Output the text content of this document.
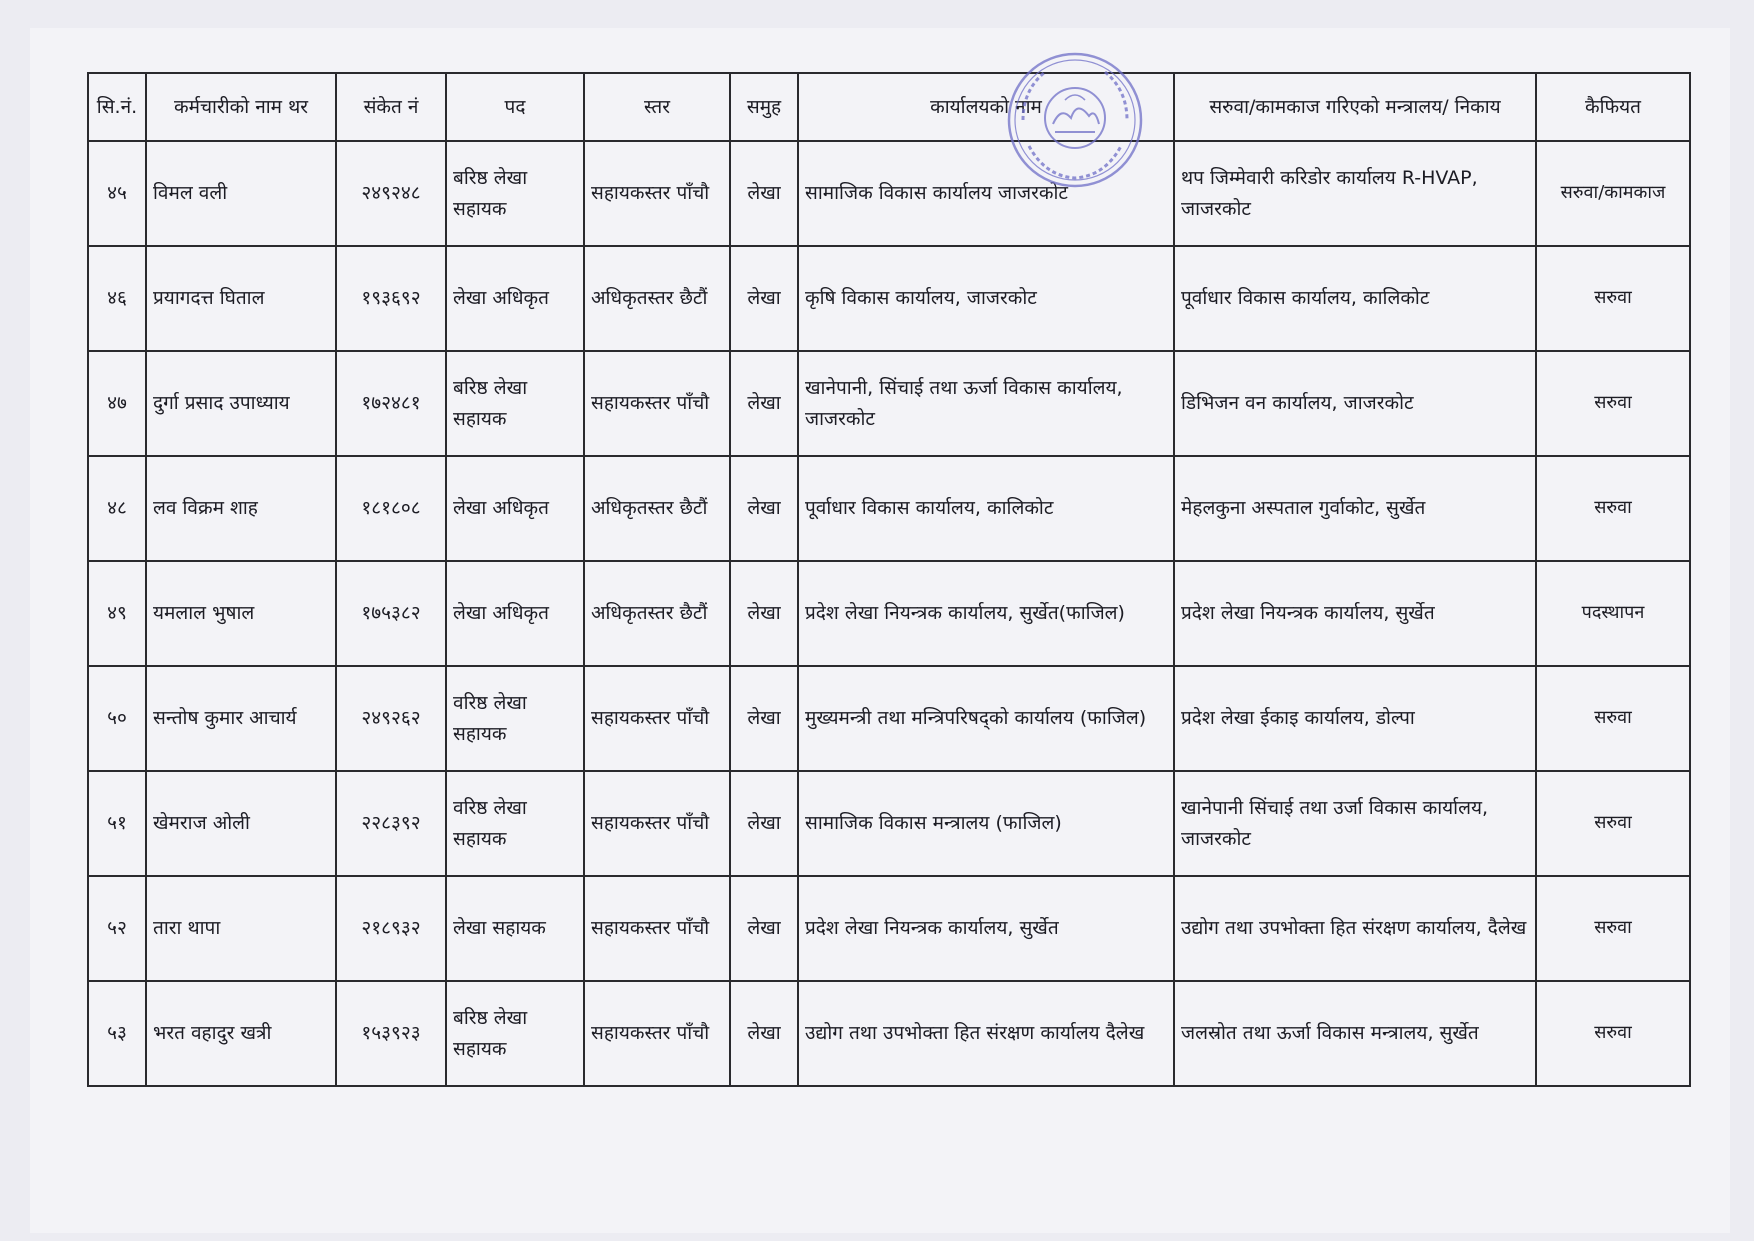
सि.नं.	कर्मचारीको नाम थर	संकेत नं	पद	स्तर	समुह	कार्यालयको नाम	सरुवा/कामकाज गरिएको मन्त्रालय/ निकाय	कैफियत
४५	विमल वली	२४९२४८	बरिष्ठ लेखा सहायक	सहायकस्तर पाँचौ	लेखा	सामाजिक विकास कार्यालय जाजरकोट	थप जिम्मेवारी करिडोर कार्यालय R-HVAP, जाजरकोट	सरुवा/कामकाज
४६	प्रयागदत्त घिताल	१९३६९२	लेखा अधिकृत	अधिकृतस्तर छैटौं	लेखा	कृषि विकास कार्यालय, जाजरकोट	पूर्वाधार विकास कार्यालय, कालिकोट	सरुवा
४७	दुर्गा प्रसाद उपाध्याय	१७२४८१	बरिष्ठ लेखा सहायक	सहायकस्तर पाँचौ	लेखा	खानेपानी, सिंचाई तथा ऊर्जा विकास कार्यालय, जाजरकोट	डिभिजन वन कार्यालय, जाजरकोट	सरुवा
४८	लव विक्रम शाह	१८१८०८	लेखा अधिकृत	अधिकृतस्तर छैटौं	लेखा	पूर्वाधार विकास कार्यालय, कालिकोट	मेहलकुना अस्पताल गुर्वाकोट, सुर्खेत	सरुवा
४९	यमलाल भुषाल	१७५३८२	लेखा अधिकृत	अधिकृतस्तर छैटौं	लेखा	प्रदेश लेखा नियन्त्रक कार्यालय, सुर्खेत(फाजिल)	प्रदेश लेखा नियन्त्रक कार्यालय, सुर्खेत	पदस्थापन
५०	सन्तोष कुमार आचार्य	२४९२६२	वरिष्ठ लेखा सहायक	सहायकस्तर पाँचौ	लेखा	मुख्यमन्त्री तथा मन्त्रिपरिषद्को कार्यालय (फाजिल)	प्रदेश लेखा ईकाइ कार्यालय, डोल्पा	सरुवा
५१	खेमराज ओली	२२८३९२	वरिष्ठ लेखा सहायक	सहायकस्तर पाँचौ	लेखा	सामाजिक विकास मन्त्रालय (फाजिल)	खानेपानी सिंचाई तथा उर्जा विकास कार्यालय, जाजरकोट	सरुवा
५२	तारा थापा	२१८९३२	लेखा सहायक	सहायकस्तर पाँचौ	लेखा	प्रदेश लेखा नियन्त्रक कार्यालय, सुर्खेत	उद्योग तथा उपभोक्ता हित संरक्षण कार्यालय, दैलेख	सरुवा
५३	भरत वहादुर खत्री	१५३९२३	बरिष्ठ लेखा सहायक	सहायकस्तर पाँचौ	लेखा	उद्योग तथा उपभोक्ता हित संरक्षण कार्यालय दैलेख	जलस्रोत तथा ऊर्जा विकास मन्त्रालय, सुर्खेत	सरुवा
